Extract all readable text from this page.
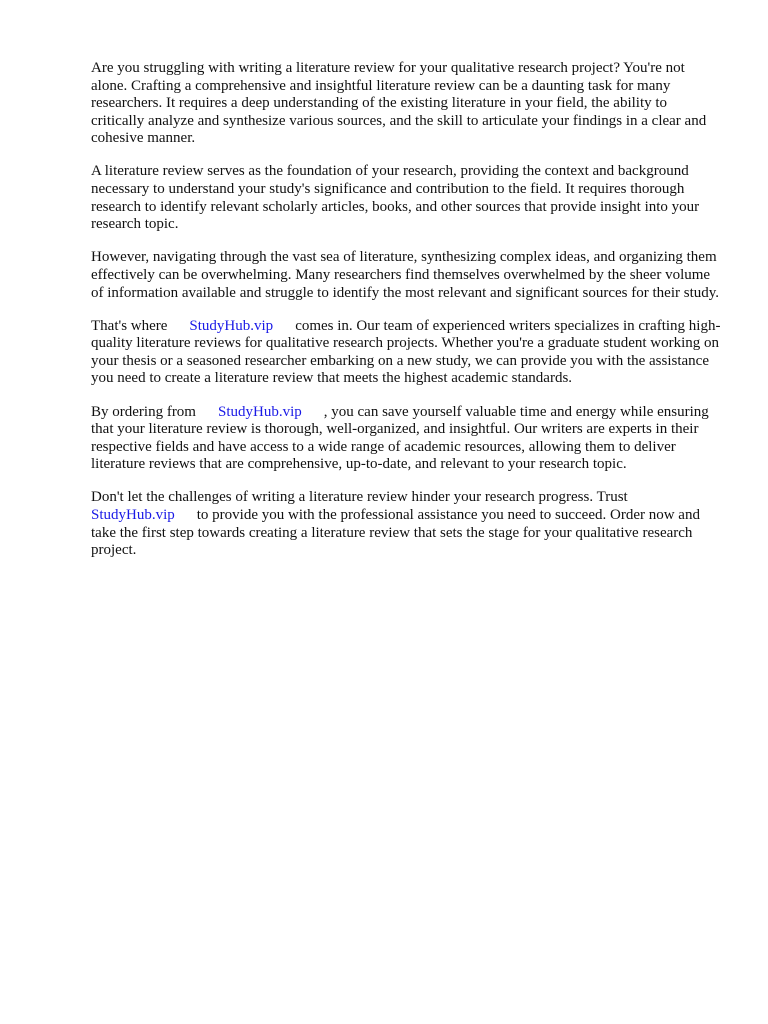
Are you struggling with writing a literature review for your qualitative research project? You're not alone. Crafting a comprehensive and insightful literature review can be a daunting task for many researchers. It requires a deep understanding of the existing literature in your field, the ability to critically analyze and synthesize various sources, and the skill to articulate your findings in a clear and cohesive manner.

A literature review serves as the foundation of your research, providing the context and background necessary to understand your study's significance and contribution to the field. It requires thorough research to identify relevant scholarly articles, books, and other sources that provide insight into your research topic.

However, navigating through the vast sea of literature, synthesizing complex ideas, and organizing them effectively can be overwhelming. Many researchers find themselves overwhelmed by the sheer volume of information available and struggle to identify the most relevant and significant sources for their study.

That's where StudyHub.vip comes in. Our team of experienced writers specializes in crafting high-quality literature reviews for qualitative research projects. Whether you're a graduate student working on your thesis or a seasoned researcher embarking on a new study, we can provide you with the assistance you need to create a literature review that meets the highest academic standards.

By ordering from StudyHub.vip , you can save yourself valuable time and energy while ensuring that your literature review is thorough, well-organized, and insightful. Our writers are experts in their respective fields and have access to a wide range of academic resources, allowing them to deliver literature reviews that are comprehensive, up-to-date, and relevant to your research topic.

Don't let the challenges of writing a literature review hinder your research progress. Trust StudyHub.vip to provide you with the professional assistance you need to succeed. Order now and take the first step towards creating a literature review that sets the stage for your qualitative research project.
